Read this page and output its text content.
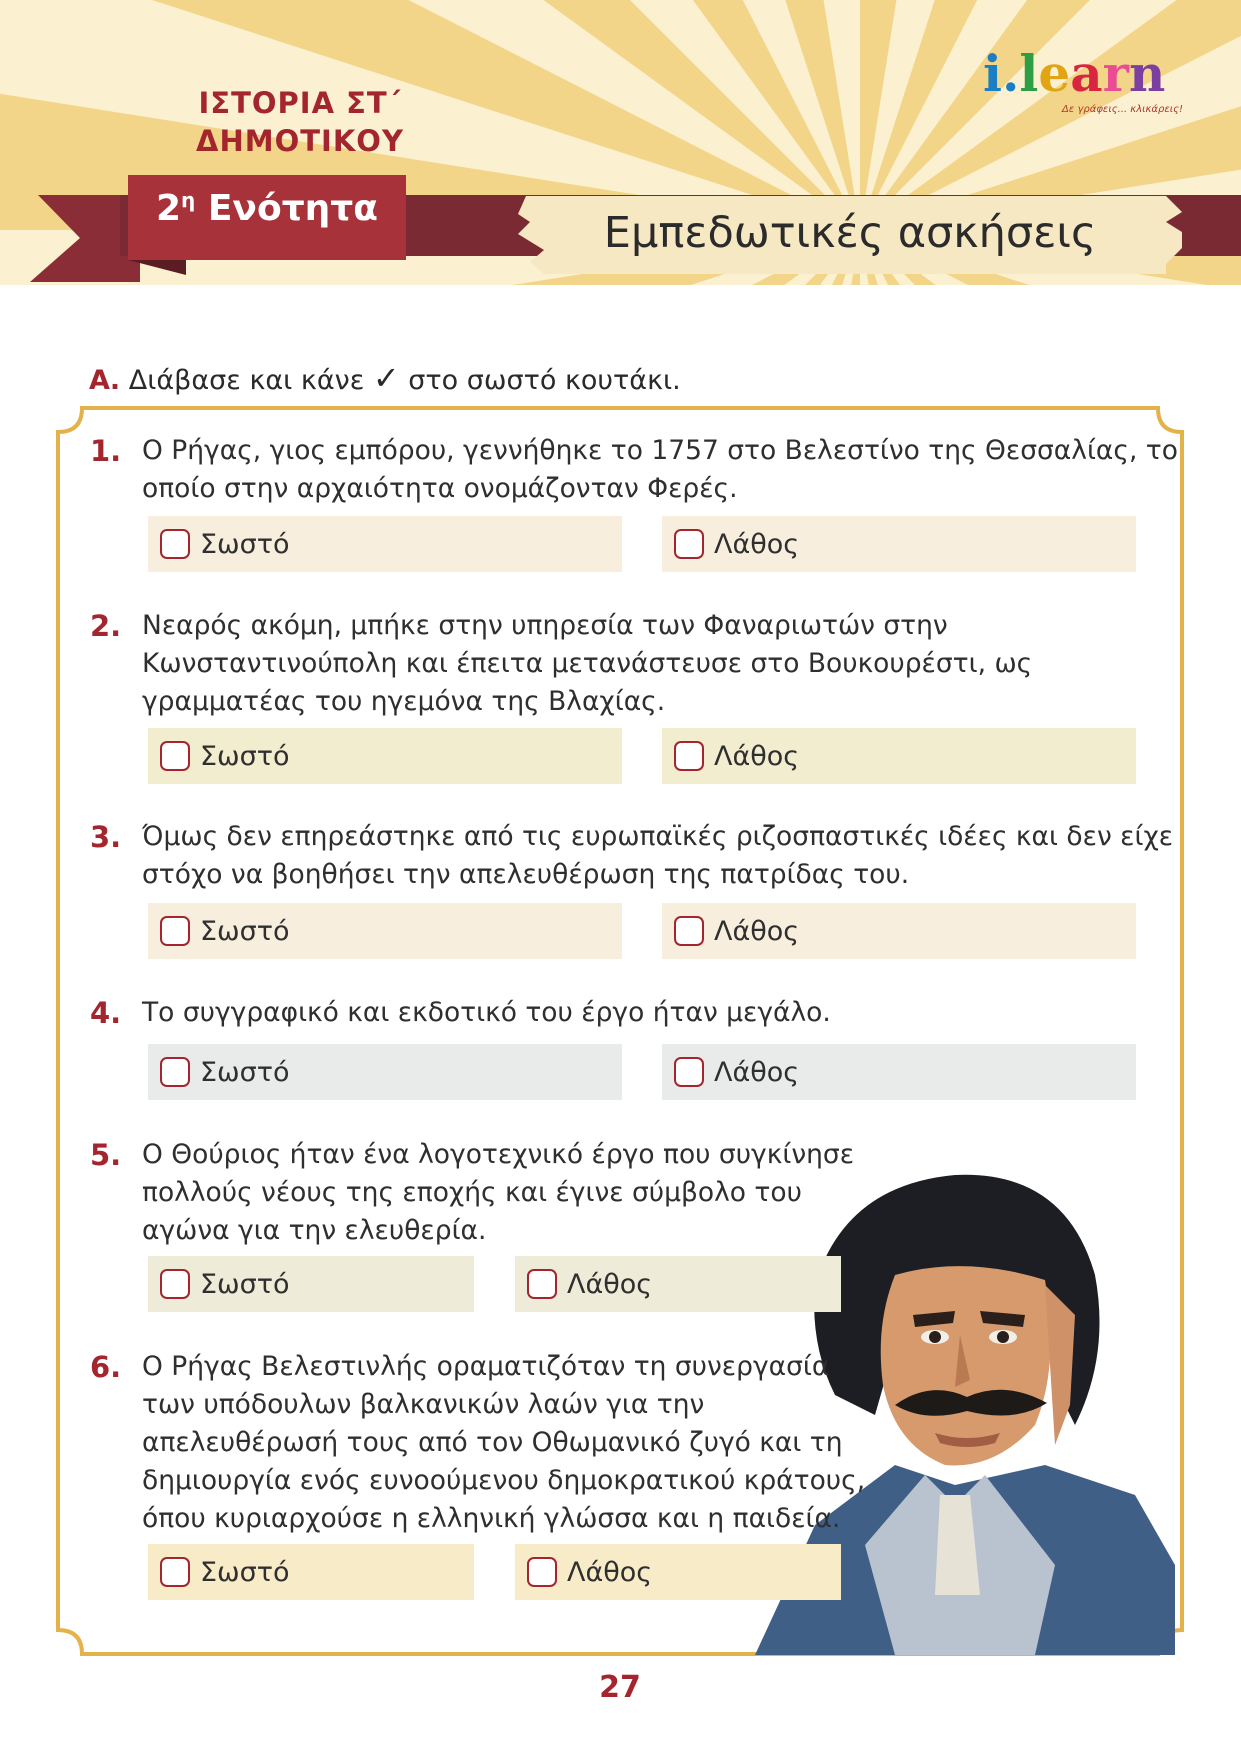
ΙΣΤΟΡΙΑ ΣΤ΄
ΔΗΜΟΤΙΚΟΥ
i.learn
Δε γράφεις... κλικάρεις!
$2^\eta$ Ενότητα	Εμπεδωτικές ασκήσεις
Α. Διάβασε και κάνε ✓ στο σωστό κουτάκι.
1. Ο Ρήγας, γιος εμπόρου, γεννήθηκε το 1757 στο Βελεστίνο της Θεσσαλίας, το
οποίο στην αρχαιότητα ονομάζονταν Φερές.
Σωστό	Λάθος
2. Νεαρός ακόμη, μπήκε στην υπηρεσία των Φαναριωτών στην
Κωνσταντινούπολη και έπειτα μετανάστευσε στο Βουκουρέστι, ως
γραμματέας του ηγεμόνα της Βλαχίας.
Σωστό	Λάθος
3. Όμως δεν επηρεάστηκε από τις ευρωπαϊκές ριζοσπαστικές ιδέες και δεν είχε
στόχο να βοηθήσει την απελευθέρωση της πατρίδας του.
Σωστό	Λάθος
4. Το συγγραφικό και εκδοτικό του έργο ήταν μεγάλο.
Σωστό	Λάθος
5. Ο Θούριος ήταν ένα λογοτεχνικό έργο που συγκίνησε
πολλούς νέους της εποχής και έγινε σύμβολο του
αγώνα για την ελευθερία.
Σωστό	Λάθος
6. Ο Ρήγας Βελεστινλής οραματιζόταν τη συνεργασία
των υπόδουλων βαλκανικών λαών για την
απελευθέρωσή τους από τον Οθωμανικό ζυγό και τη
δημιουργία ενός ευνοούμενου δημοκρατικού κράτους,
όπου κυριαρχούσε η ελληνική γλώσσα και η παιδεία.
Σωστό	Λάθος
27
